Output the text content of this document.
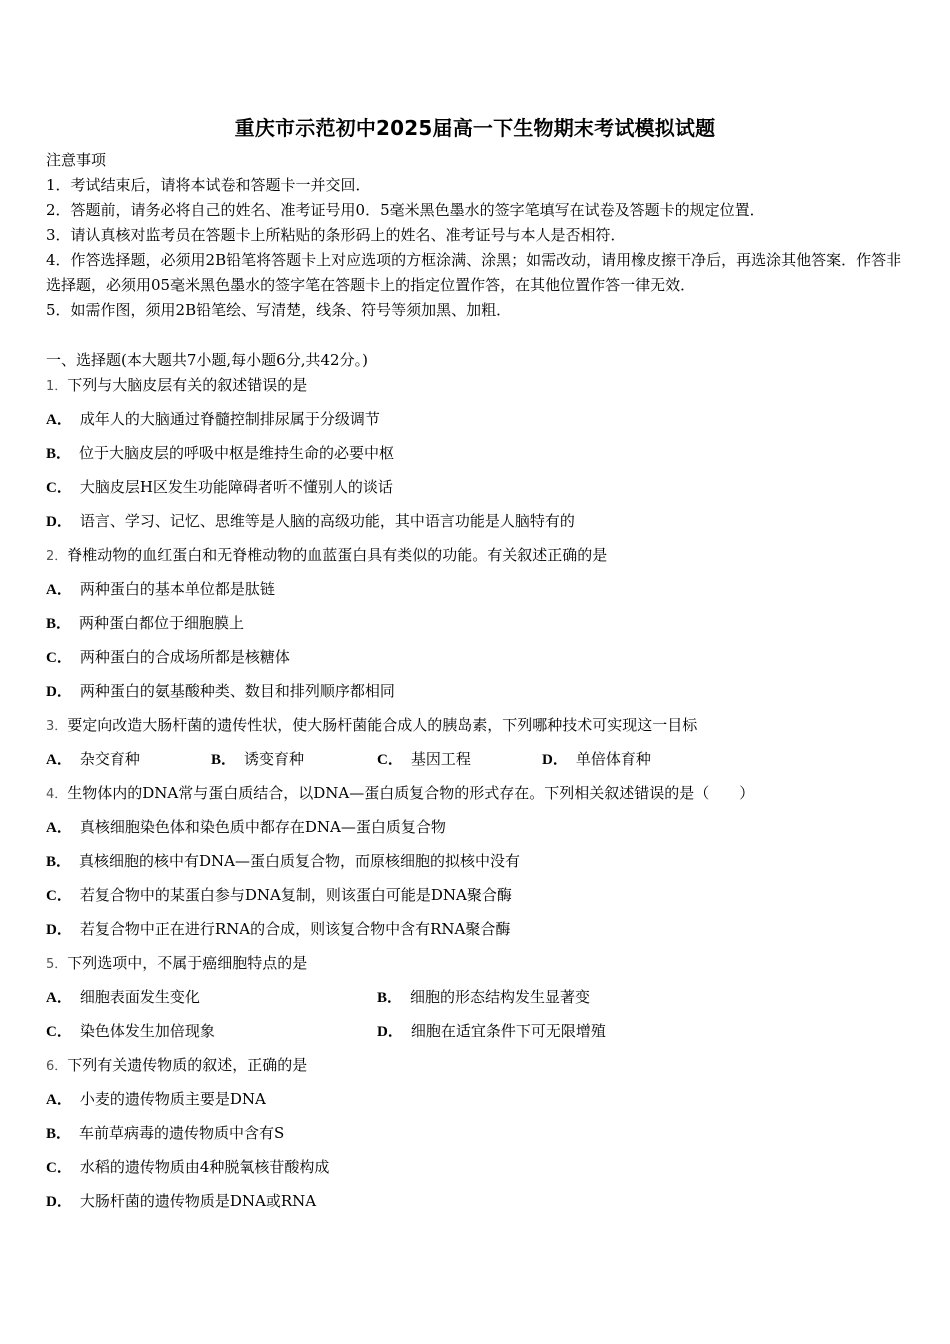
重庆市示范初中2025届高一下生物期末考试模拟试题
注意事项
1．考试结束后，请将本试卷和答题卡一并交回．
2．答题前，请务必将自己的姓名、准考证号用0．5毫米黑色墨水的签字笔填写在试卷及答题卡的规定位置．
3．请认真核对监考员在答题卡上所粘贴的条形码上的姓名、准考证号与本人是否相符．
4．作答选择题，必须用2B铅笔将答题卡上对应选项的方框涂满、涂黑；如需改动，请用橡皮擦干净后，再选涂其他答案．作答非选择题，必须用05毫米黑色墨水的签字笔在答题卡上的指定位置作答，在其他位置作答一律无效．
5．如需作图，须用2B铅笔绘、写清楚，线条、符号等须加黑、加粗．
一、选择题(本大题共7小题,每小题6分,共42分。)
1．下列与大脑皮层有关的叙述错误的是
A． 成年人的大脑通过脊髓控制排尿属于分级调节
B． 位于大脑皮层的呼吸中枢是维持生命的必要中枢
C． 大脑皮层H区发生功能障碍者听不懂别人的谈话
D． 语言、学习、记忆、思维等是人脑的高级功能，其中语言功能是人脑特有的
2．脊椎动物的血红蛋白和无脊椎动物的血蓝蛋白具有类似的功能。有关叙述正确的是
A． 两种蛋白的基本单位都是肽链
B． 两种蛋白都位于细胞膜上
C． 两种蛋白的合成场所都是核糖体
D． 两种蛋白的氨基酸种类、数目和排列顺序都相同
3．要定向改造大肠杆菌的遗传性状，使大肠杆菌能合成人的胰岛素，下列哪种技术可实现这一目标
A． 杂交育种	B． 诱变育种	C． 基因工程	D． 单倍体育种
4．生物体内的DNA常与蛋白质结合，以DNA—蛋白质复合物的形式存在。下列相关叙述错误的是（　　）
A． 真核细胞染色体和染色质中都存在DNA—蛋白质复合物
B． 真核细胞的核中有DNA—蛋白质复合物，而原核细胞的拟核中没有
C． 若复合物中的某蛋白参与DNA复制，则该蛋白可能是DNA聚合酶
D． 若复合物中正在进行RNA的合成，则该复合物中含有RNA聚合酶
5．下列选项中，不属于癌细胞特点的是
A． 细胞表面发生变化	B． 细胞的形态结构发生显著变
C． 染色体发生加倍现象	D． 细胞在适宜条件下可无限增殖
6．下列有关遗传物质的叙述，正确的是
A． 小麦的遗传物质主要是DNA
B． 车前草病毒的遗传物质中含有S
C． 水稻的遗传物质由4种脱氧核苷酸构成
D． 大肠杆菌的遗传物质是DNA或RNA
